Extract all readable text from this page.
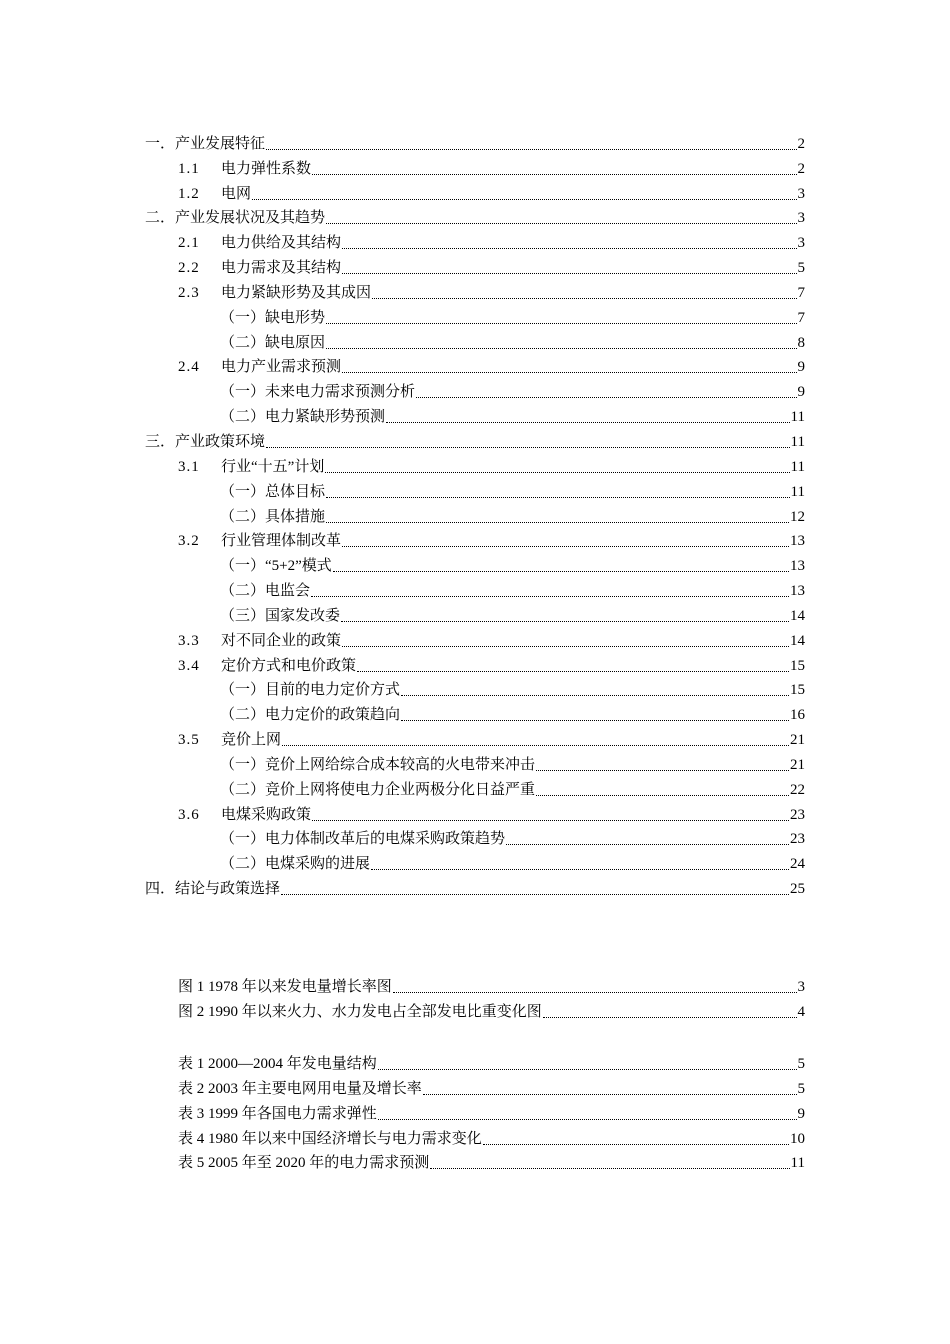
一． 产业发展特征	2
1.1	电力弹性系数	2
1.2	电网	3
二． 产业发展状况及其趋势	3
2.1	电力供给及其结构	3
2.2	电力需求及其结构	5
2.3	电力紧缺形势及其成因	7
（一） 缺电形势	7
（二） 缺电原因	8
2.4	电力产业需求预测	9
（一） 未来电力需求预测分析	9
（二） 电力紧缺形势预测	11
三． 产业政策环境	11
3.1	行业“十五”计划	11
（一） 总体目标	11
（二） 具体措施	12
3.2	行业管理体制改革	13
（一） “5+2”模式	13
（二） 电监会	13
（三） 国家发改委	14
3.3	对不同企业的政策	14
3.4	定价方式和电价政策	15
（一） 目前的电力定价方式	15
（二） 电力定价的政策趋向	16
3.5	竞价上网	21
（一） 竞价上网给综合成本较高的火电带来冲击	21
（二） 竞价上网将使电力企业两极分化日益严重	22
3.6	电煤采购政策	23
（一） 电力体制改革后的电煤采购政策趋势	23
（二） 电煤采购的进展	24
四． 结论与政策选择	25
图 1 1978 年以来发电量增长率图	3
图 2 1990 年以来火力、水力发电占全部发电比重变化图	4
表 1 2000—2004 年发电量结构	5
表 2 2003 年主要电网用电量及增长率	5
表 3 1999 年各国电力需求弹性	9
表 4 1980 年以来中国经济增长与电力需求变化	10
表 5 2005 年至 2020 年的电力需求预测	11
